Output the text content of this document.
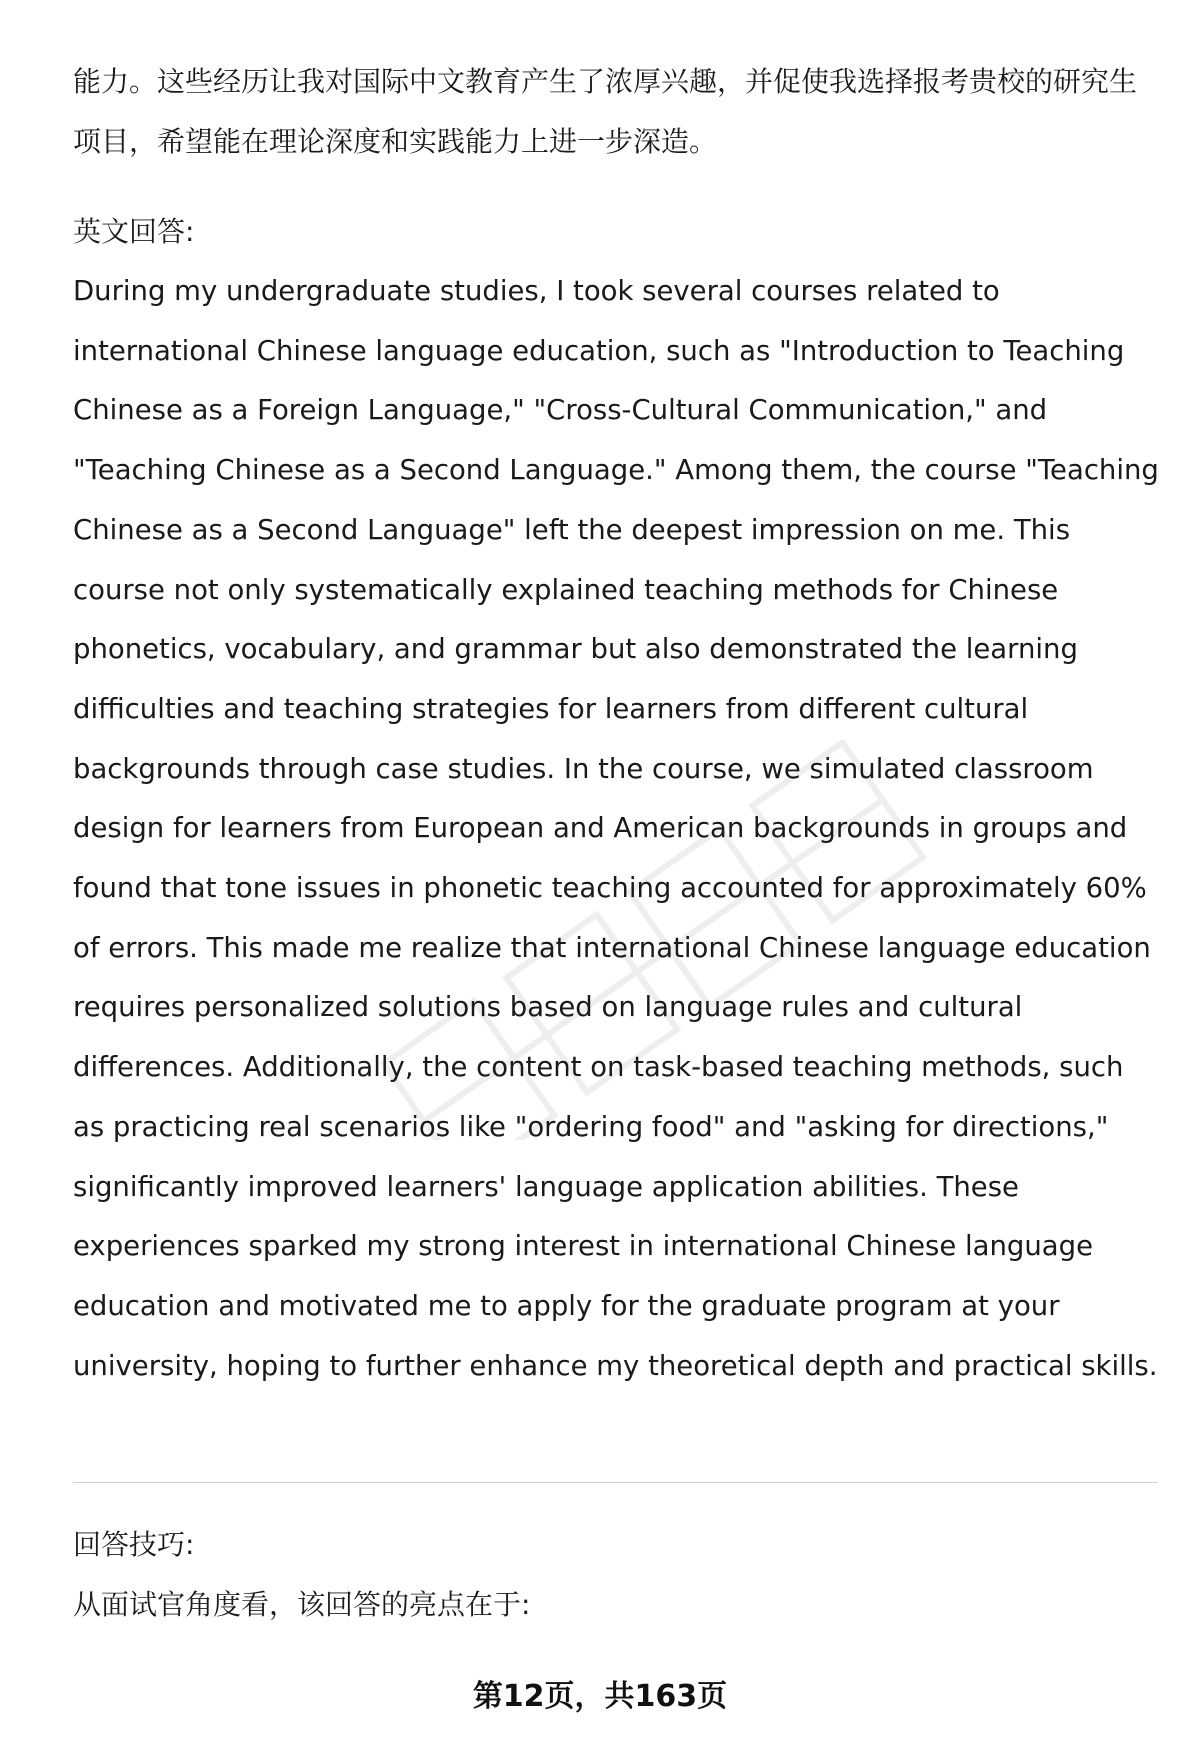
能力。这些经历让我对国际中文教育产生了浓厚兴趣，并促使我选择报考贵校的研究生项目，希望能在理论深度和实践能力上进一步深造。

英文回答:

During my undergraduate studies, I took several courses related to international Chinese language education, such as "Introduction to Teaching Chinese as a Foreign Language," "Cross-Cultural Communication," and "Teaching Chinese as a Second Language." Among them, the course "Teaching Chinese as a Second Language" left the deepest impression on me. This course not only systematically explained teaching methods for Chinese phonetics, vocabulary, and grammar but also demonstrated the learning difficulties and teaching strategies for learners from different cultural backgrounds through case studies. In the course, we simulated classroom design for learners from European and American backgrounds in groups and found that tone issues in phonetic teaching accounted for approximately 60% of errors. This made me realize that international Chinese language education requires personalized solutions based on language rules and cultural differences. Additionally, the content on task-based teaching methods, such as practicing real scenarios like "ordering food" and "asking for directions," significantly improved learners' language application abilities. These experiences sparked my strong interest in international Chinese language education and motivated me to apply for the graduate program at your university, hoping to further enhance my theoretical depth and practical skills.

回答技巧:

从面试官角度看，该回答的亮点在于:

第12页，共163页
